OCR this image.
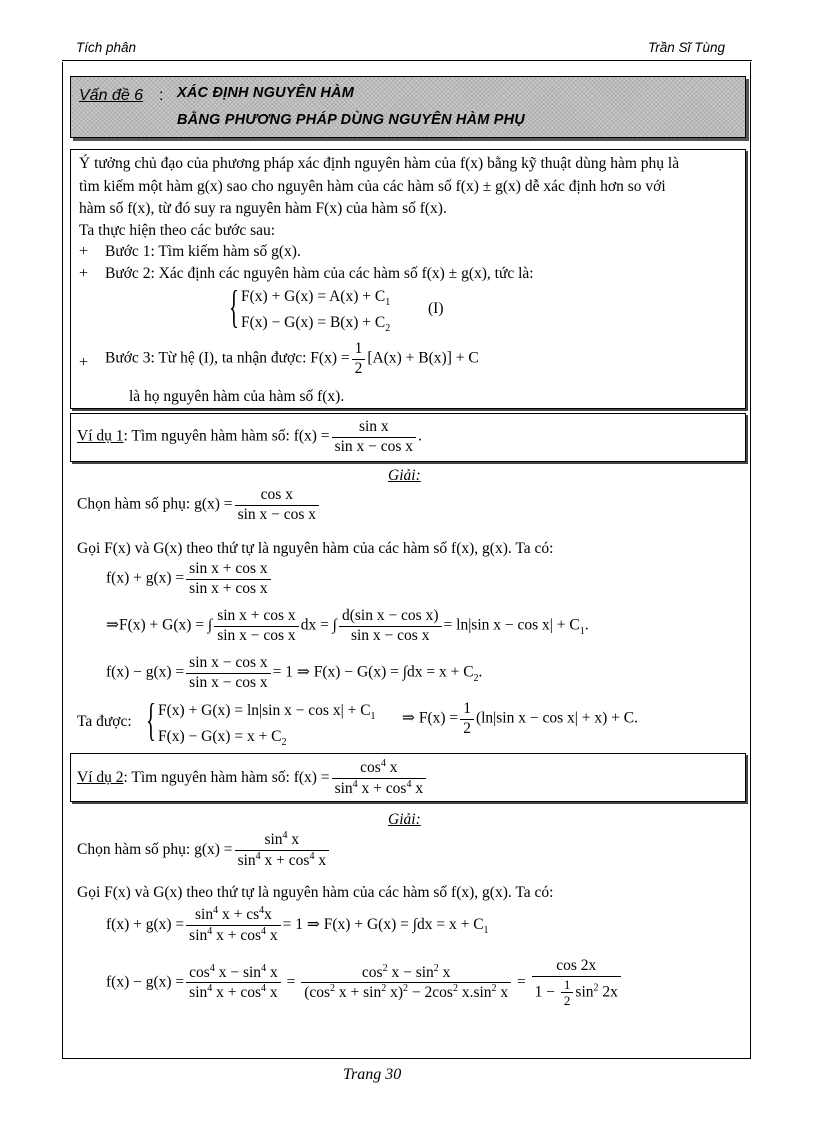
Tích phân	Trần Sĩ Tùng
Vấn đề 6 : XÁC ĐỊNH NGUYÊN HÀM
BẰNG PHƯƠNG PHÁP DÙNG NGUYÊN HÀM PHỤ
Ý tưởng chủ đạo của phương pháp xác định nguyên hàm của f(x) bằng kỹ thuật dùng hàm phụ là
tìm kiếm một hàm g(x) sao cho nguyên hàm của các hàm số f(x) ± g(x) dễ xác định hơn so với
hàm số f(x), từ đó suy ra nguyên hàm F(x) của hàm số f(x).
Ta thực hiện theo các bước sau:
+ Bước 1: Tìm kiếm hàm số g(x).
+ Bước 2: Xác định các nguyên hàm của các hàm số f(x) ± g(x), tức là:
{ $F(x) + G(x) = A(x) + C_1$
$F(x) - G(x) = B(x) + C_2$
(I)
+ Bước 3: Từ hệ (I), ta nhận được: $F(x) = \frac{1}{2} [A(x) + B(x)] + C$
là họ nguyên hàm của hàm số f(x).
Ví dụ 1: Tìm nguyên hàm hàm số: $f(x) = \frac{\text{sin x}}{\text{sin x − cos x}}$ .
Giải:
Chọn hàm số phụ: $g(x) = \frac{\text{cos x}}{\text{sin x − cos x}}$
Gọi F(x) và G(x) theo thứ tự là nguyên hàm của các hàm số f(x), g(x). Ta có:
$f(x) + g(x) = \frac{\text{sin x + cos x}}{\text{sin x + cos x}}$
⇒F(x) + G(x) = ∫ $\frac{\text{sin x + cos x}}{\text{sin x − cos x}}$ dx = ∫ $\frac{\text{d(sin x − cos x)}}{\text{sin x − cos x}} = \ln|\sin$ $x - \cos x| + C_1$.
$f(x) - g(x) = \frac{\text{sin x − cos x}}{\text{sin x − cos x}} = 1$ ⇒ $F(x) - G(x) = \int dx = x + C_2$.
Ta được: { F(x) + G(x) = ln|sin $x - \cos x| + C_1$
$F(x) - G(x) = x + C_2$
⇒ $F(x) = \frac{1}{2} (\ln|\sin$ x − cos x| + x) + C.
Ví dụ 2: Tìm nguyên hàm hàm số: $f(x) = \frac{\cos^4 x}{\sin^4 x + \cos^4 x}$
Giải:
Chọn hàm số phụ: $g(x) = \frac{\sin^4 x}{\sin^4 x + \cos^4 x}$
Gọi F(x) và G(x) theo thứ tự là nguyên hàm của các hàm số f(x), g(x). Ta có:
$f(x) + g(x) = \frac{\sin^4 x + cs^4x}{\sin^4 x + \cos^4 x} = 1$ ⇒ $F(x) + G(x) = \int dx = x + C_1$
$f(x) - g(x) = \frac{\cos^4 x - \sin^4 x}{\sin^4 x + \cos^4 x} = \frac{\cos^2 x - \sin^2 x}{(\cos^2 x + \sin^2 x)^2 - 2\cos^2 x.\sin^2 x} = \frac{\cos 2x}{1 - \frac{1}{2} \sin^2 2x}$
Trang 30
